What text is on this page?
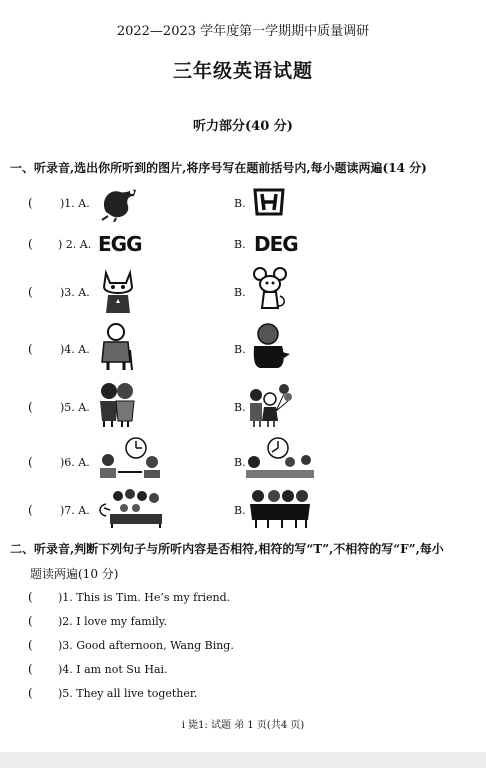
2022—2023 学年度第一学期期中质量调研
三年级英语试题
听力部分(40 分)
一、听录音,选出你所听到的图片,将序号写在题前括号内,每小题读两遍(14 分)
( )1. A.	B.
( ) 2. A. EGG	B. DEG
( )3. A.	B.
( )4. A.	B.
( )5. A.	B.
( )6. A.	B.
( )7. A.	B.
二、听录音,判断下列句子与所听内容是否相符,相符的写“T”,不相符的写“F”,每小
题读两遍(10 分)
( )1. This is Tim. He’s my friend.
( )2. I love my family.
( )3. Good afternoon, Wang Bing.
( )4. I am not Su Hai.
( )5. They all live together.
i 毙1: 试题 弟 1 页(共4 页)
